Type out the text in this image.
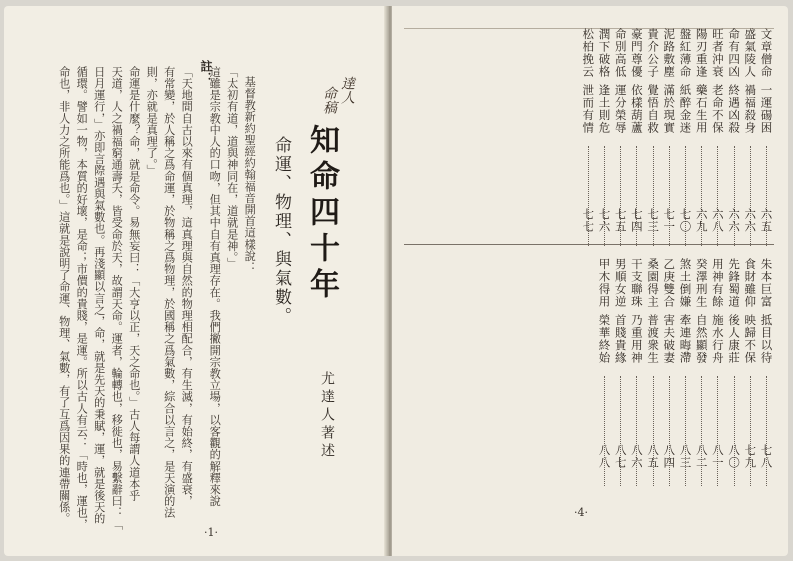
知命四十年
命運、物理、與氣數。
達人
命稿
尤達人著述
註：
·1·
基督教新約聖經約翰福音開首這樣說：
「太初有道，道與神同在，道就是神。」
這雖是宗教中人的口吻，但其中自有真理存在。我們撇開宗教立場，以客觀的解釋來說
「天地間自古以來有個真理，這真理與自然的物理相配合，有生滅，有始終，有盛衰，
有常變，於人稱之爲命運，於物稱之爲物理，於國稱之爲氣數，綜合以言之，是天演的法
則，亦就是真理了。」
命運是什麼？命，就是命令。易無妄曰：「大亨以正，天之命也。」古人每謂人道本乎
天道，人之禍福窮通壽夭，皆受命於天，故謂天命。運者，輪轉也，移徙也，易繫辭曰：「
日月運行，」亦即言際遇與氣數也。再淺顯以言之，命，就是先天的秉賦，運，就是後天的
循環。譬如一物，本質的好壞，是命；市價的貴賤，是運。所以古人有云：「時也，運也，
命也，非人力之所能爲也。」這就是說明了命運、物理、氣數，有了互爲因果的連帶關係。	·4·
文章僧命
一運碭困
六五
盛氣陵人
禍福殺身
六六
命有四凶
終遇凶殺
六六
旺者沖衰
老命不保
六八
陽刃重逢
藥石生用
六九
盤紅薄命
紙醉金迷
七〇
泥路敷塵
滿於現實
七一
貴介公子
覺悟自救
七三
豪門尊優
依樣葫蘆
七四
命別高低
運分榮辱
七五
潤下破格
逢土則危
七六
松柏挽云
泄而有情
七七
朱本巨富
抵目以待
七八
食財雖仰
映歸不保
七九
先鋒蜀道
後人康莊
八〇
用神有餘
施水行舟
八一
癸澤刑生
自然顯發
八二
煞土倒嫌
牽連晦滯
八三
乙庚雙合
害夫破妻
八四
桑園得主
普渡衆生
八五
干支聯珠
乃重用神
八六
男順女逆
首賤貴緣
八七
甲木得用
榮華終始
八八
